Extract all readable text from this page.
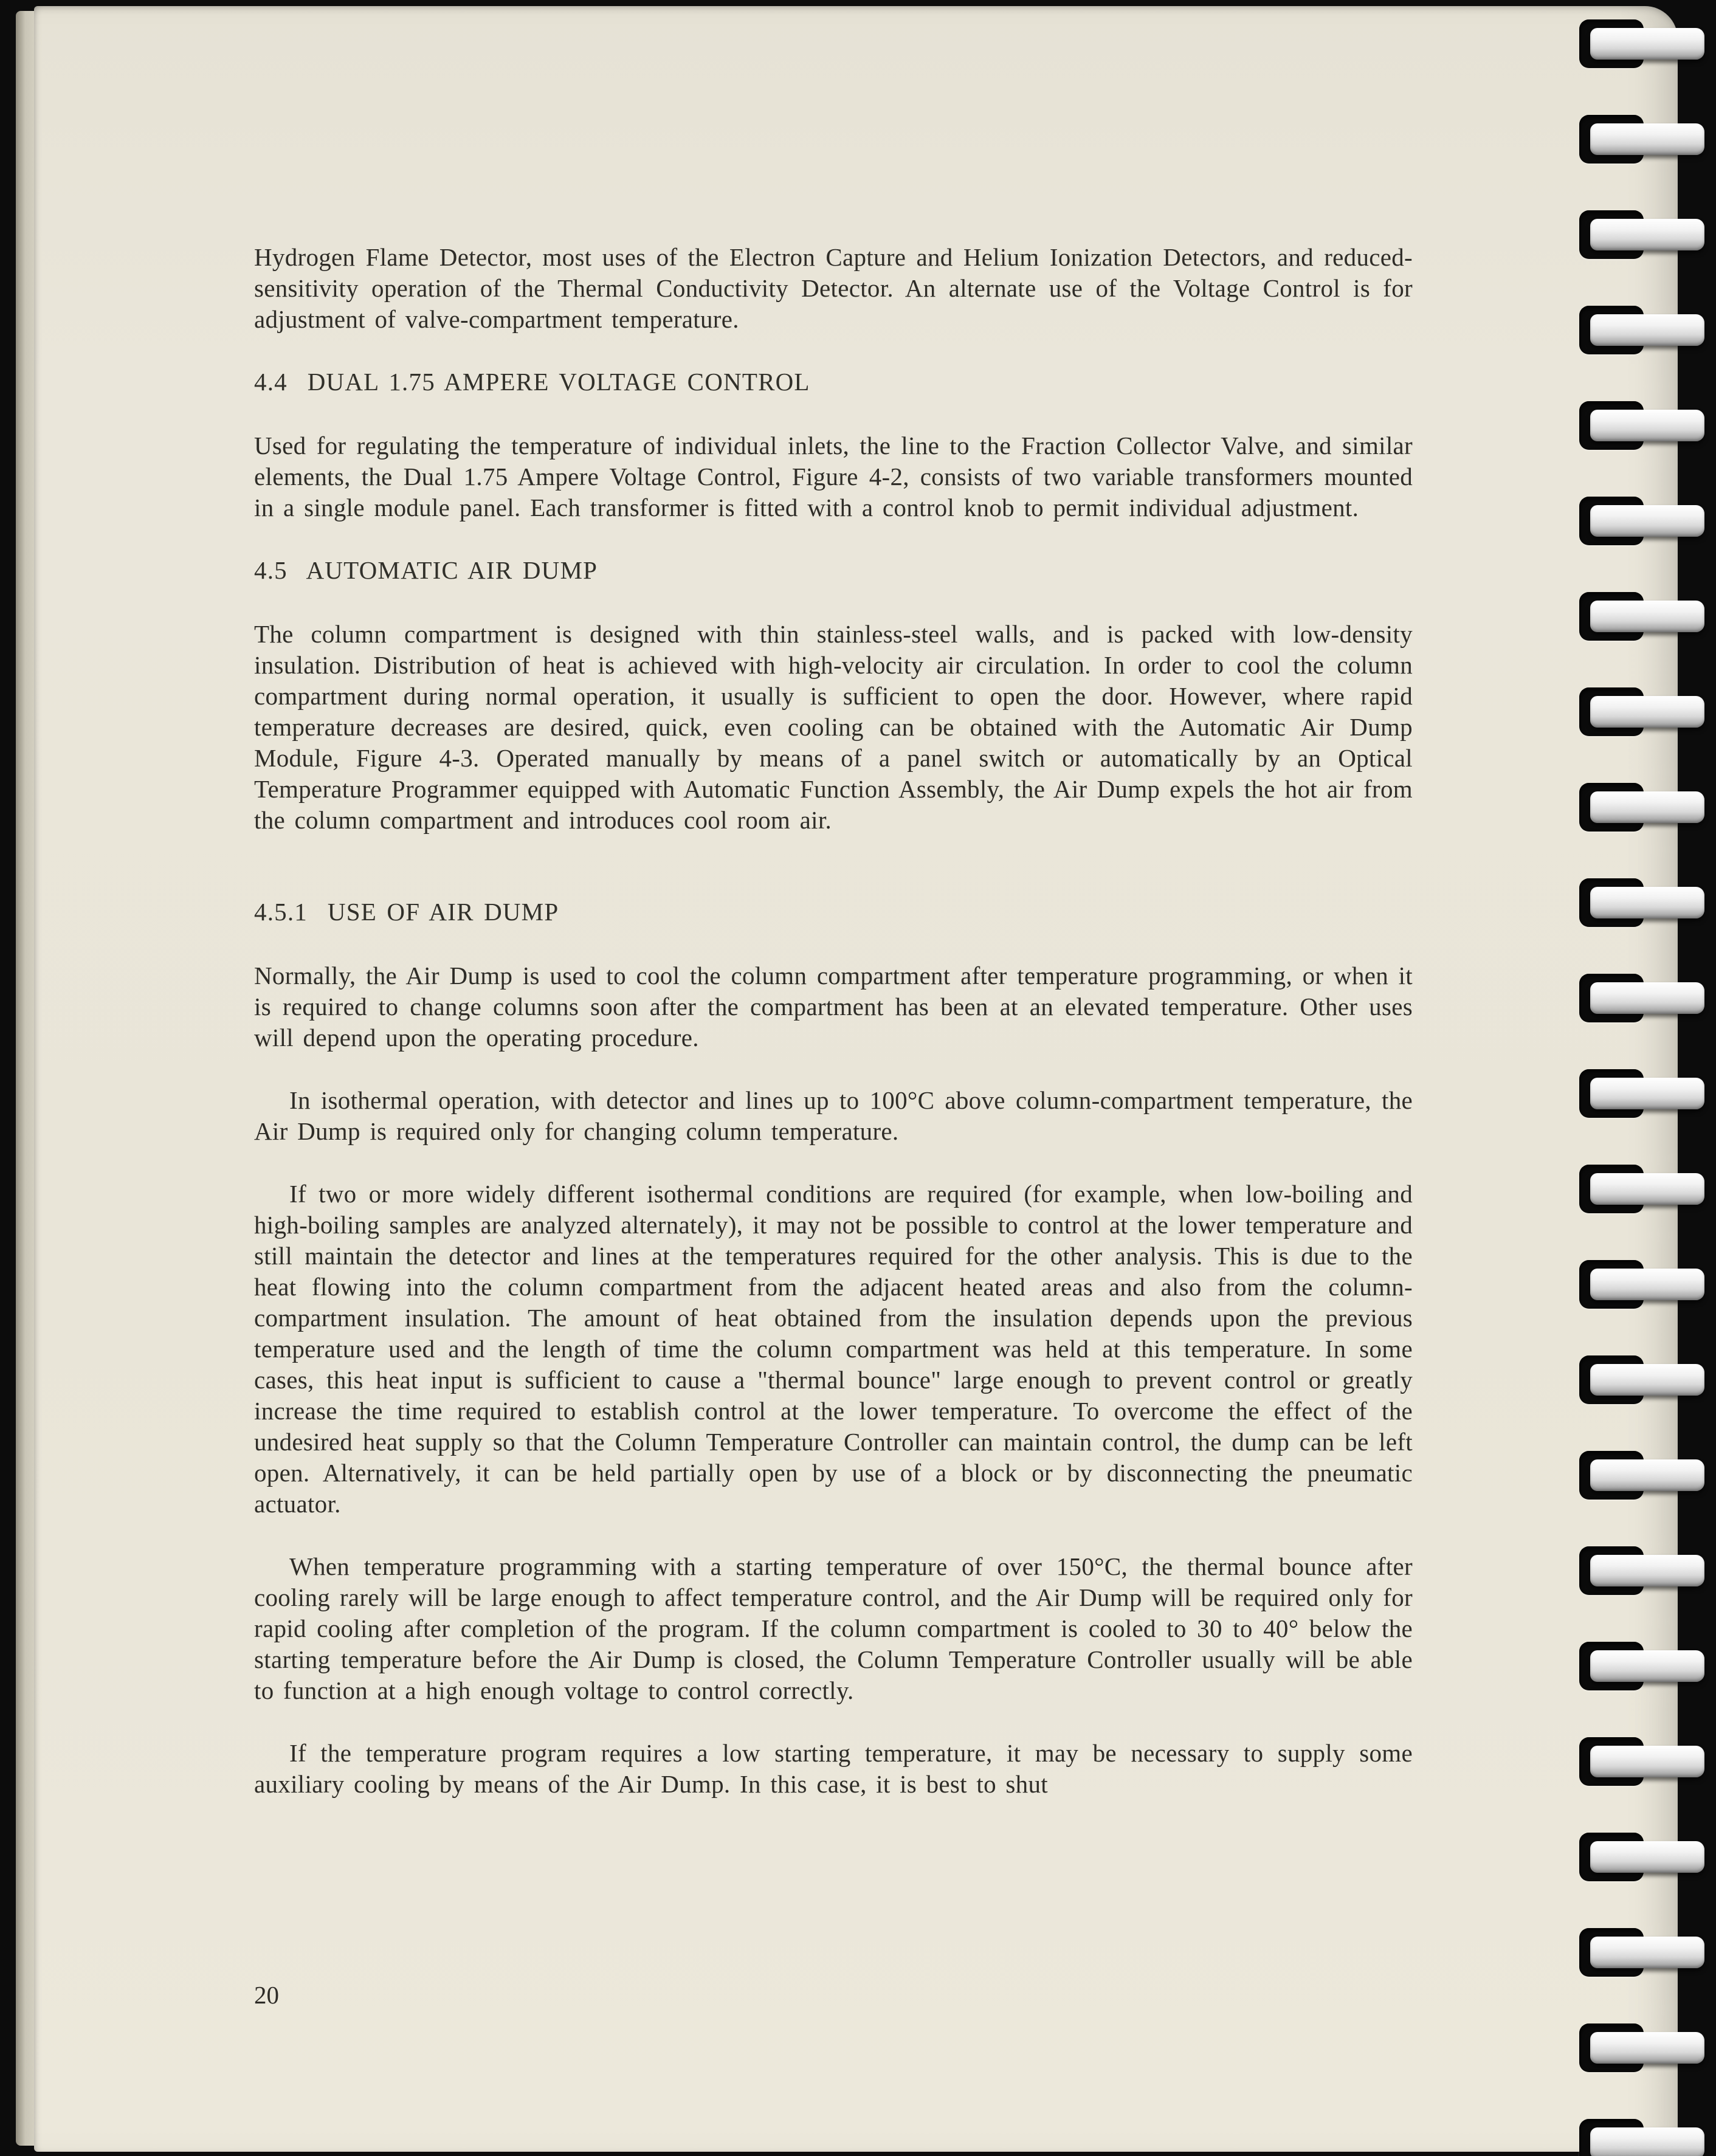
Hydrogen Flame Detector, most uses of the Electron Capture and Helium Ionization Detectors, and reduced-sensitivity operation of the Thermal Conductivity Detector. An alternate use of the Voltage Control is for adjustment of valve-compartment temperature.
4.4  DUAL 1.75 AMPERE VOLTAGE CONTROL
Used for regulating the temperature of individual inlets, the line to the Fraction Collector Valve, and similar elements, the Dual 1.75 Ampere Voltage Control, Figure 4-2, consists of two variable transformers mounted in a single module panel. Each transformer is fitted with a control knob to permit individual adjustment.
4.5  AUTOMATIC AIR DUMP
The column compartment is designed with thin stainless-steel walls, and is packed with low-density insulation. Distribution of heat is achieved with high-velocity air circulation. In order to cool the column compartment during normal operation, it usually is sufficient to open the door. However, where rapid temperature decreases are desired, quick, even cooling can be obtained with the Automatic Air Dump Module, Figure 4-3. Operated manually by means of a panel switch or automatically by an Optical Temperature Programmer equipped with Automatic Function Assembly, the Air Dump expels the hot air from the column compartment and introduces cool room air.
4.5.1  USE OF AIR DUMP
Normally, the Air Dump is used to cool the column compartment after temperature programming, or when it is required to change columns soon after the compartment has been at an elevated temperature. Other uses will depend upon the operating procedure.
In isothermal operation, with detector and lines up to 100°C above column-compartment temperature, the Air Dump is required only for changing column temperature.
If two or more widely different isothermal conditions are required (for example, when low-boiling and high-boiling samples are analyzed alternately), it may not be possible to control at the lower temperature and still maintain the detector and lines at the temperatures required for the other analysis. This is due to the heat flowing into the column compartment from the adjacent heated areas and also from the column-compartment insulation. The amount of heat obtained from the insulation depends upon the previous temperature used and the length of time the column compartment was held at this temperature. In some cases, this heat input is sufficient to cause a "thermal bounce" large enough to prevent control or greatly increase the time required to establish control at the lower temperature. To overcome the effect of the undesired heat supply so that the Column Temperature Controller can maintain control, the dump can be left open. Alternatively, it can be held partially open by use of a block or by disconnecting the pneumatic actuator.
When temperature programming with a starting temperature of over 150°C, the thermal bounce after cooling rarely will be large enough to affect temperature control, and the Air Dump will be required only for rapid cooling after completion of the program. If the column compartment is cooled to 30 to 40° below the starting temperature before the Air Dump is closed, the Column Temperature Controller usually will be able to function at a high enough voltage to control correctly.
If the temperature program requires a low starting temperature, it may be necessary to supply some auxiliary cooling by means of the Air Dump. In this case, it is best to shut
20
